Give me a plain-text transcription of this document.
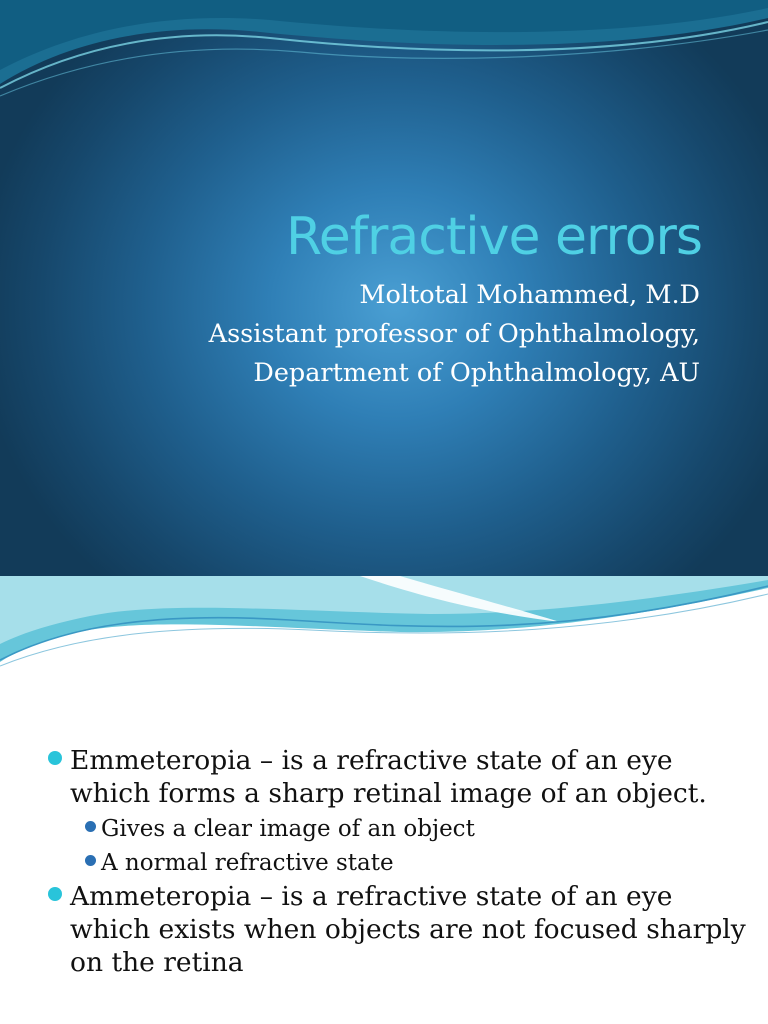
Refractive errors
Moltotal Mohammed, M.D
Assistant professor of Ophthalmology,
Department of Ophthalmology, AU
Emmeteropia – is a refractive state of an eye which forms a sharp retinal image of an object.
Gives a clear image of an object
A normal refractive state
Ammeteropia – is a refractive state of an eye which exists when objects are not focused sharply on the retina
